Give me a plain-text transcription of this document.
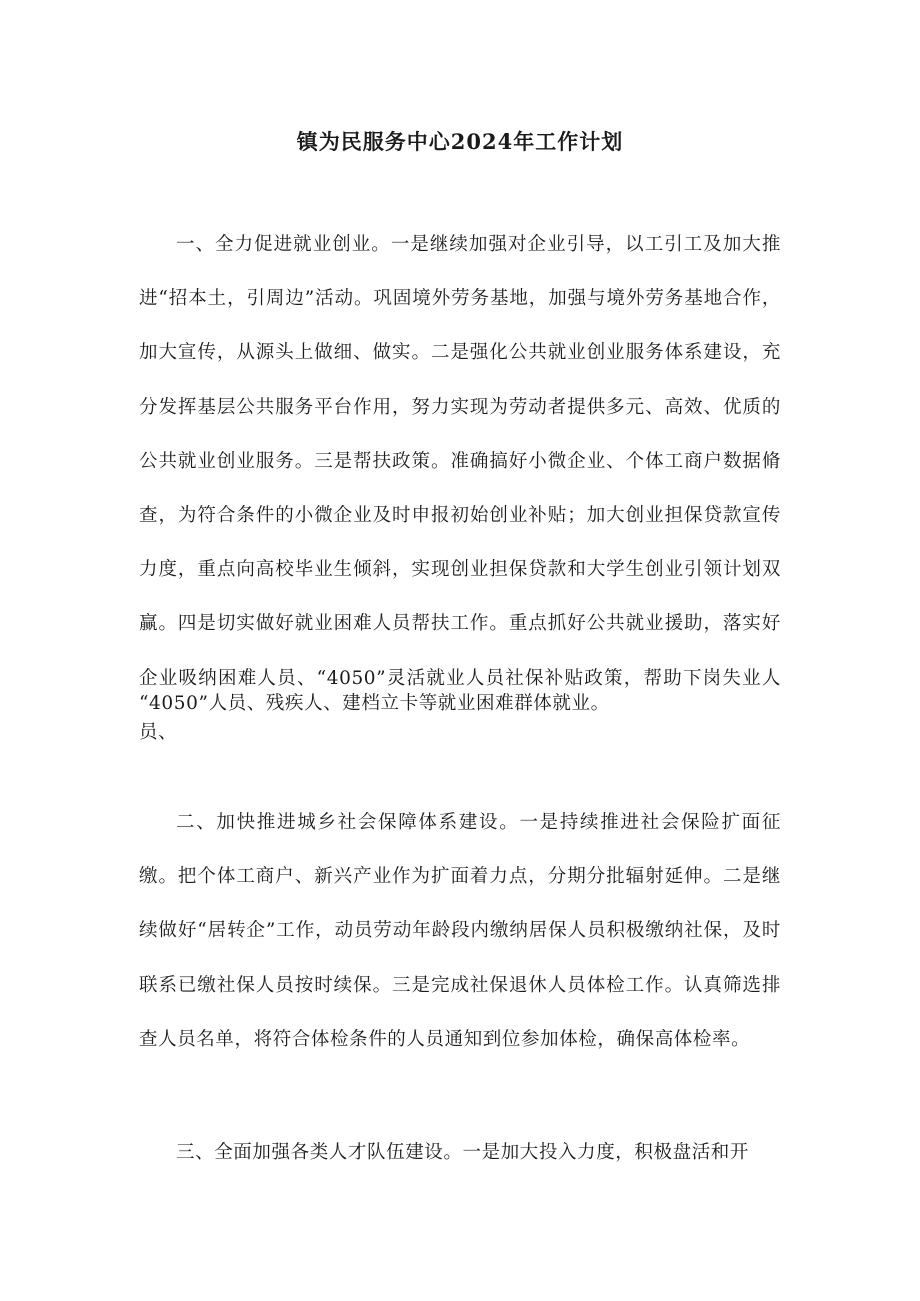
镇为民服务中心2024年工作计划

一、全力促进就业创业。一是继续加强对企业引导，以工引工及加大推进“招本土，引周边”活动。巩固境外劳务基地，加强与境外劳务基地合作，加大宣传，从源头上做细、做实。二是强化公共就业创业服务体系建设，充分发挥基层公共服务平台作用，努力实现为劳动者提供多元、高效、优质的公共就业创业服务。三是帮扶政策。准确搞好小微企业、个体工商户数据脩查，为符合条件的小微企业及时申报初始创业补贴；加大创业担保贷款宣传力度，重点向高校毕业生倾斜，实现创业担保贷款和大学生创业引领计划双赢。四是切实做好就业困难人员帮扶工作。重点抓好公共就业援助，落实好企业吸纳困难人员、“4050”灵活就业人员社保补贴政策，帮助下岗失业人员、

“4050”人员、残疾人、建档立卡等就业困难群体就业。

二、加快推进城乡社会保障体系建设。一是持续推进社会保险扩面征缴。把个体工商户、新兴产业作为扩面着力点，分期分批辐射延伸。二是继续做好“居转企”工作，动员劳动年龄段内缴纳居保人员积极缴纳社保，及时联系已缴社保人员按时续保。三是完成社保退休人员体检工作。认真筛选排查人员名单，将符合体检条件的人员通知到位参加体检，确保高体检率。

三、全面加强各类人才队伍建设。一是加大投入力度，积极盘活和开
